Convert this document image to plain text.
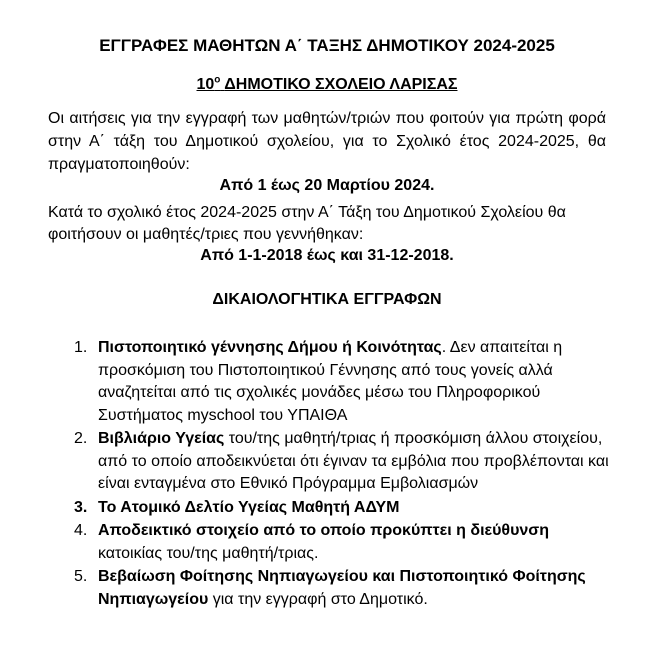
ΕΓΓΡΑΦΕΣ ΜΑΘΗΤΩΝ Α΄ ΤΑΞΗΣ ΔΗΜΟΤΙΚΟΥ 2024-2025
$10^o$ ΔΗΜΟΤΙΚΟ ΣΧΟΛΕΙΟ ΛΑΡΙΣΑΣ
Οι αιτήσεις για την εγγραφή των μαθητών/τριών που φοιτούν για πρώτη φορά στην Α΄ τάξη του Δημοτικού σχολείου, για το Σχολικό έτος 2024-2025, θα πραγματοποιηθούν:
Από 1 έως 20 Μαρτίου 2024.
Κατά το σχολικό έτος 2024-2025 στην Α΄ Τάξη του Δημοτικού Σχολείου θα φοιτήσουν οι μαθητές/τριες που γεννήθηκαν:
Από 1-1-2018 έως και 31-12-2018.
ΔΙΚΑΙΟΛΟΓΗΤΙΚΑ ΕΓΓΡΑΦΩΝ
1. Πιστοποιητικό γέννησης Δήμου ή Κοινότητας. Δεν απαιτείται η προσκόμιση του Πιστοποιητικού Γέννησης από τους γονείς αλλά αναζητείται από τις σχολικές μονάδες μέσω του Πληροφορικού Συστήματος myschool του ΥΠΑΙΘΑ
2. Βιβλιάριο Υγείας του/της μαθητή/τριας ή προσκόμιση άλλου στοιχείου, από το οποίο αποδεικνύεται ότι έγιναν τα εμβόλια που προβλέπονται και είναι ενταγμένα στο Εθνικό Πρόγραμμα Εμβολιασμών
3. Το Ατομικό Δελτίο Υγείας Μαθητή ΑΔΥΜ
4. Αποδεικτικό στοιχείο από το οποίο προκύπτει η διεύθυνση κατοικίας του/της μαθητή/τριας.
5. Βεβαίωση Φοίτησης Νηπιαγωγείου και Πιστοποιητικό Φοίτησης Νηπιαγωγείου για την εγγραφή στο Δημοτικό.
